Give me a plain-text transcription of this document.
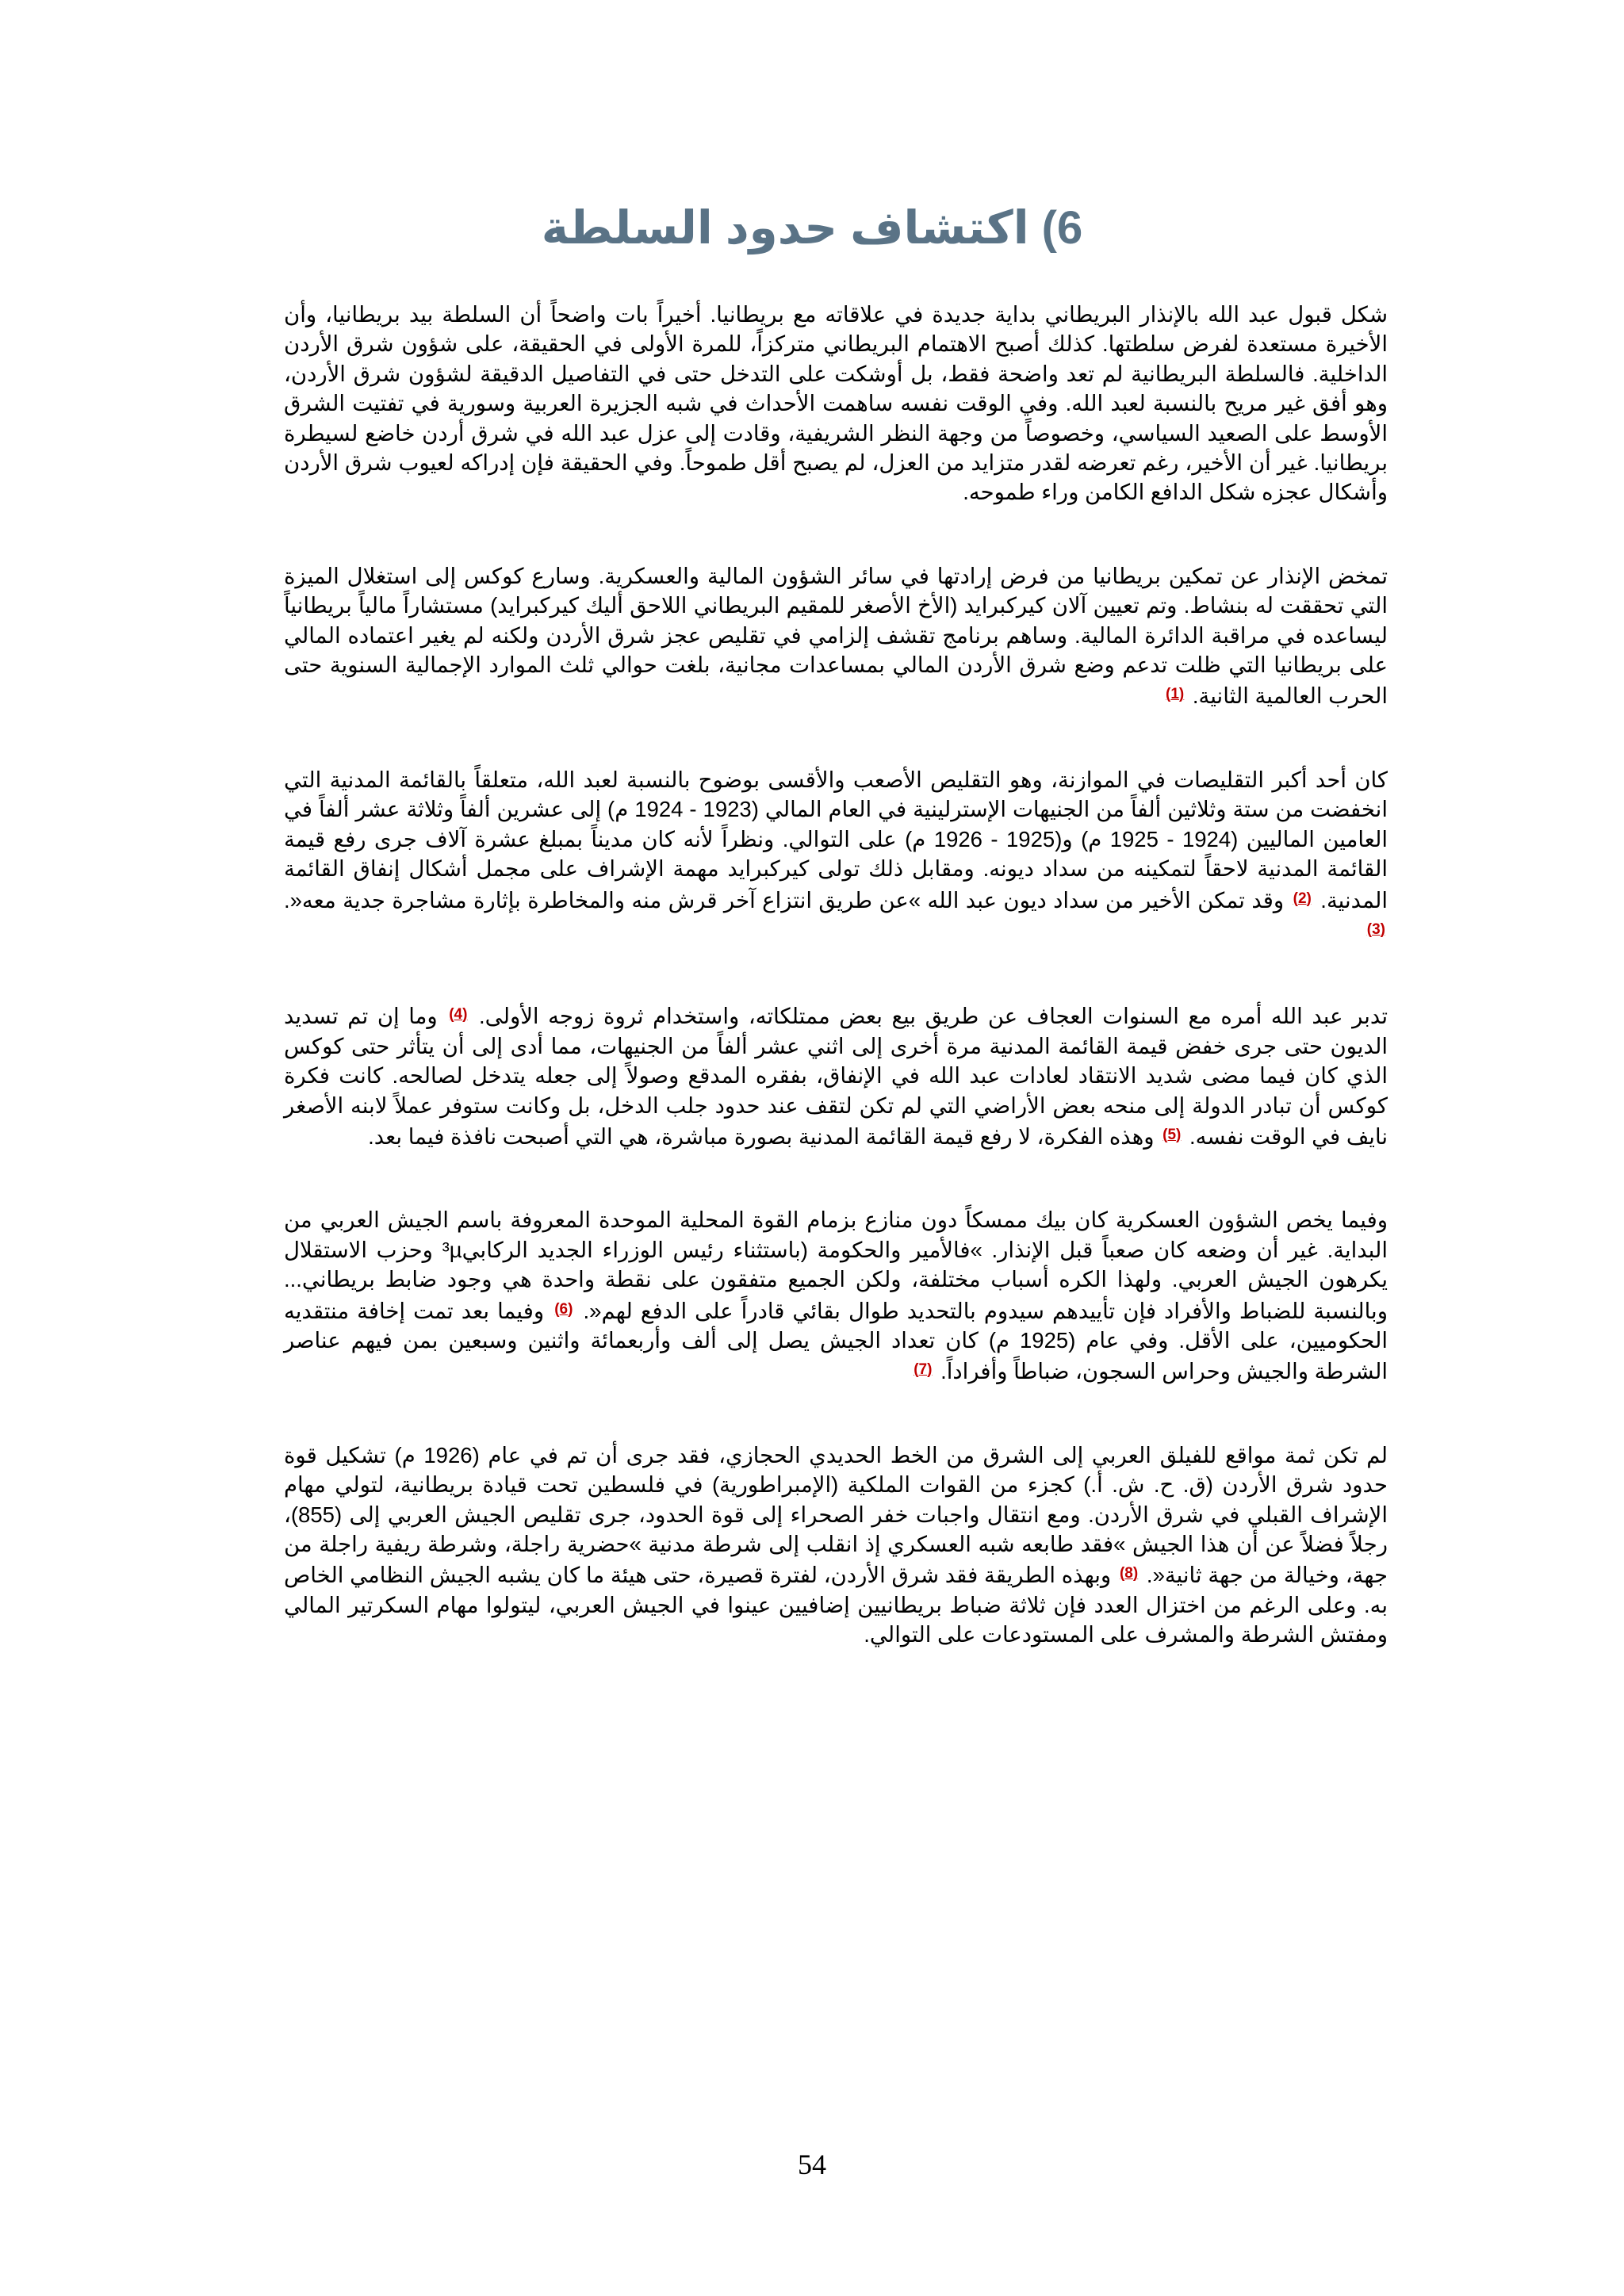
6) اكتشاف حدود السلطة

شكل قبول عبد الله بالإنذار البريطاني بداية جديدة في علاقاته مع بريطانيا. أخيراً بات واضحاً أن السلطة بيد بريطانيا، وأن الأخيرة مستعدة لفرض سلطتها. كذلك أصبح الاهتمام البريطاني متركزاً، للمرة الأولى في الحقيقة، على شؤون شرق الأردن الداخلية. فالسلطة البريطانية لم تعد واضحة فقط، بل أوشكت على التدخل حتى في التفاصيل الدقيقة لشؤون شرق الأردن، وهو أفق غير مريح بالنسبة لعبد الله. وفي الوقت نفسه ساهمت الأحداث في شبه الجزيرة العربية وسورية في تفتيت الشرق الأوسط على الصعيد السياسي، وخصوصاً من وجهة النظر الشريفية، وقادت إلى عزل عبد الله في شرق أردن خاضع لسيطرة بريطانيا. غير أن الأخير، رغم تعرضه لقدر متزايد من العزل، لم يصبح أقل طموحاً. وفي الحقيقة فإن إدراكه لعيوب شرق الأردن وأشكال عجزه شكل الدافع الكامن وراء طموحه.

تمخض الإنذار عن تمكين بريطانيا من فرض إرادتها في سائر الشؤون المالية والعسكرية. وسارع كوكس إلى استغلال الميزة التي تحققت له بنشاط. وتم تعيين آلان كيركبرايد (الأخ الأصغر للمقيم البريطاني اللاحق أليك كيركبرايد) مستشاراً مالياً بريطانياً ليساعده في مراقبة الدائرة المالية. وساهم برنامج تقشف إلزامي في تقليص عجز شرق الأردن ولكنه لم يغير اعتماده المالي على بريطانيا التي ظلت تدعم وضع شرق الأردن المالي بمساعدات مجانية، بلغت حوالي ثلث الموارد الإجمالية السنوية حتى الحرب العالمية الثانية. $^{(1)}$

كان أحد أكبر التقليصات في الموازنة، وهو التقليص الأصعب والأقسى بوضوح بالنسبة لعبد الله، متعلقاً بالقائمة المدنية التي انخفضت من ستة وثلاثين ألفاً من الجنيهات الإسترلينية في العام المالي (1923 - 1924 م) إلى عشرين ألفاً وثلاثة عشر ألفاً في العامين الماليين (1924 - 1925 م) و(1925 - 1926 م) على التوالي. ونظراً لأنه كان مديناً بمبلغ عشرة آلاف جرى رفع قيمة القائمة المدنية لاحقاً لتمكينه من سداد ديونه. ومقابل ذلك تولى كيركبرايد مهمة الإشراف على مجمل أشكال إنفاق القائمة المدنية. $^{(2)}$ وقد تمكن الأخير من سداد ديون عبد الله »عن طريق انتزاع آخر قرش منه والمخاطرة بإثارة مشاجرة جدية معه«. $^{(3)}$

تدبر عبد الله أمره مع السنوات العجاف عن طريق بيع بعض ممتلكاته، واستخدام ثروة زوجه الأولى. $^{(4)}$ وما إن تم تسديد الديون حتى جرى خفض قيمة القائمة المدنية مرة أخرى إلى اثني عشر ألفاً من الجنيهات، مما أدى إلى أن يتأثر حتى كوكس الذي كان فيما مضى شديد الانتقاد لعادات عبد الله في الإنفاق، بفقره المدقع وصولاً إلى جعله يتدخل لصالحه. كانت فكرة كوكس أن تبادر الدولة إلى منحه بعض الأراضي التي لم تكن لتقف عند حدود جلب الدخل، بل وكانت ستوفر عملاً لابنه الأصغر نايف في الوقت نفسه. $^{(5)}$ وهذه الفكرة، لا رفع قيمة القائمة المدنية بصورة مباشرة، هي التي أصبحت نافذة فيما بعد.

وفيما يخص الشؤون العسكرية كان بيك ممسكاً دون منازع بزمام القوة المحلية الموحدة المعروفة باسم الجيش العربي من البداية. غير أن وضعه كان صعباً قبل الإنذار. »فالأمير والحكومة (باستثناء رئيس الوزراء الجديد الركابي³µ وحزب الاستقلال يكرهون الجيش العربي. ولهذا الكره أسباب مختلفة، ولكن الجميع متفقون على نقطة واحدة هي وجود ضابط بريطاني... وبالنسبة للضباط والأفراد فإن تأييدهم سيدوم بالتحديد طوال بقائي قادراً على الدفع لهم«. $^{(6)}$ وفيما بعد تمت إخافة منتقديه الحكوميين، على الأقل. وفي عام (1925 م) كان تعداد الجيش يصل إلى ألف وأربعمائة واثنين وسبعين بمن فيهم عناصر الشرطة والجيش وحراس السجون، ضباطاً وأفراداً. $^{(7)}$

لم تكن ثمة مواقع للفيلق العربي إلى الشرق من الخط الحديدي الحجازي، فقد جرى أن تم في عام (1926 م) تشكيل قوة حدود شرق الأردن (ق. ح. ش. أ.) كجزء من القوات الملكية (الإمبراطورية) في فلسطين تحت قيادة بريطانية، لتولي مهام الإشراف القبلي في شرق الأردن. ومع انتقال واجبات خفر الصحراء إلى قوة الحدود، جرى تقليص الجيش العربي إلى (855)، رجلاً فضلاً عن أن هذا الجيش »فقد طابعه شبه العسكري إذ انقلب إلى شرطة مدنية »حضرية راجلة، وشرطة ريفية راجلة من جهة، وخيالة من جهة ثانية«. $^{(8)}$ وبهذه الطريقة فقد شرق الأردن، لفترة قصيرة، حتى هيئة ما كان يشبه الجيش النظامي الخاص به. وعلى الرغم من اختزال العدد فإن ثلاثة ضباط بريطانيين إضافيين عينوا في الجيش العربي، ليتولوا مهام السكرتير المالي ومفتش الشرطة والمشرف على المستودعات على التوالي.

54
